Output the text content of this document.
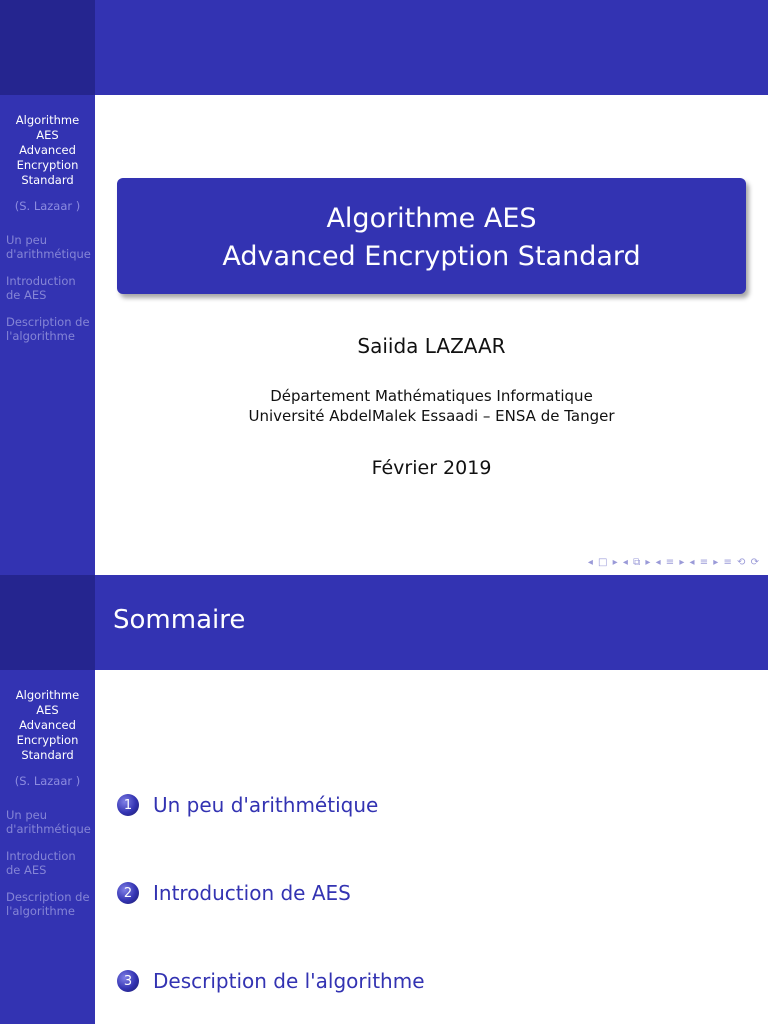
Algorithme
AES
Advanced
Encryption
Standard
(S. Lazaar )
Un peu
d'arithmétique
Introduction
de AES
Description de
l'algorithme
Algorithme AES
Advanced Encryption Standard
Saiida LAZAAR
Département Mathématiques Informatique
Université AbdelMalek Essaadi – ENSA de Tanger
Février 2019
◂ □ ▸ ◂ ⧉ ▸ ◂ ≡ ▸ ◂ ≡ ▸ ≡ ⟲ ⟳
Sommaire
Algorithme
AES
Advanced
Encryption
Standard
(S. Lazaar )
Un peu
d'arithmétique
Introduction
de AES
Description de
l'algorithme
1	Un peu d'arithmétique
2	Introduction de AES
3	Description de l'algorithme
